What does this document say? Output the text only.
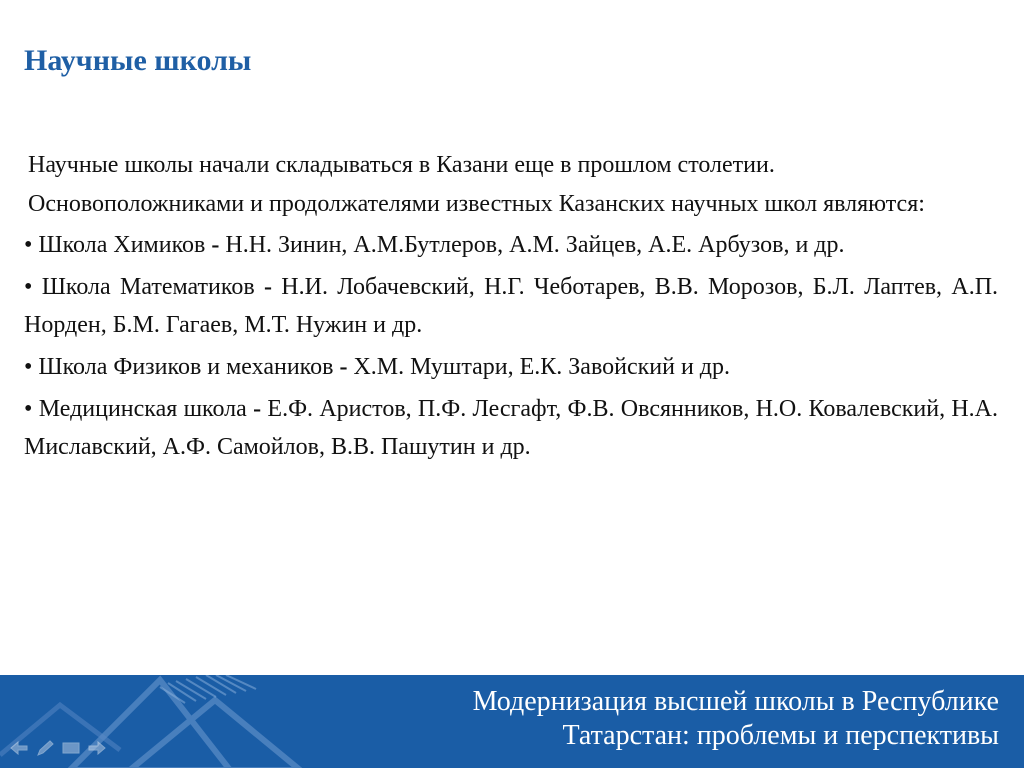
Научные школы

Научные школы начали складываться в Казани еще в прошлом столетии.

Основоположниками и продолжателями известных Казанских научных школ являются:

• Школа Химиков - Н.Н. Зинин, А.М.Бутлеров, А.М. Зайцев, А.Е. Арбузов, и др.

• Школа Математиков - Н.И. Лобачевский, Н.Г. Чеботарев, В.В. Морозов, Б.Л. Лаптев, А.П. Норден, Б.М. Гагаев, М.Т. Нужин и др.

• Школа Физиков и механиков - Х.М. Муштари, Е.К. Завойский и др.

• Медицинская школа - Е.Ф. Аристов, П.Ф. Лесгафт, Ф.В. Овсянников, Н.О. Ковалевский, Н.А. Миславский, А.Ф. Самойлов, В.В. Пашутин и др.

Модернизация высшей школы в Республике
Татарстан: проблемы и перспективы
